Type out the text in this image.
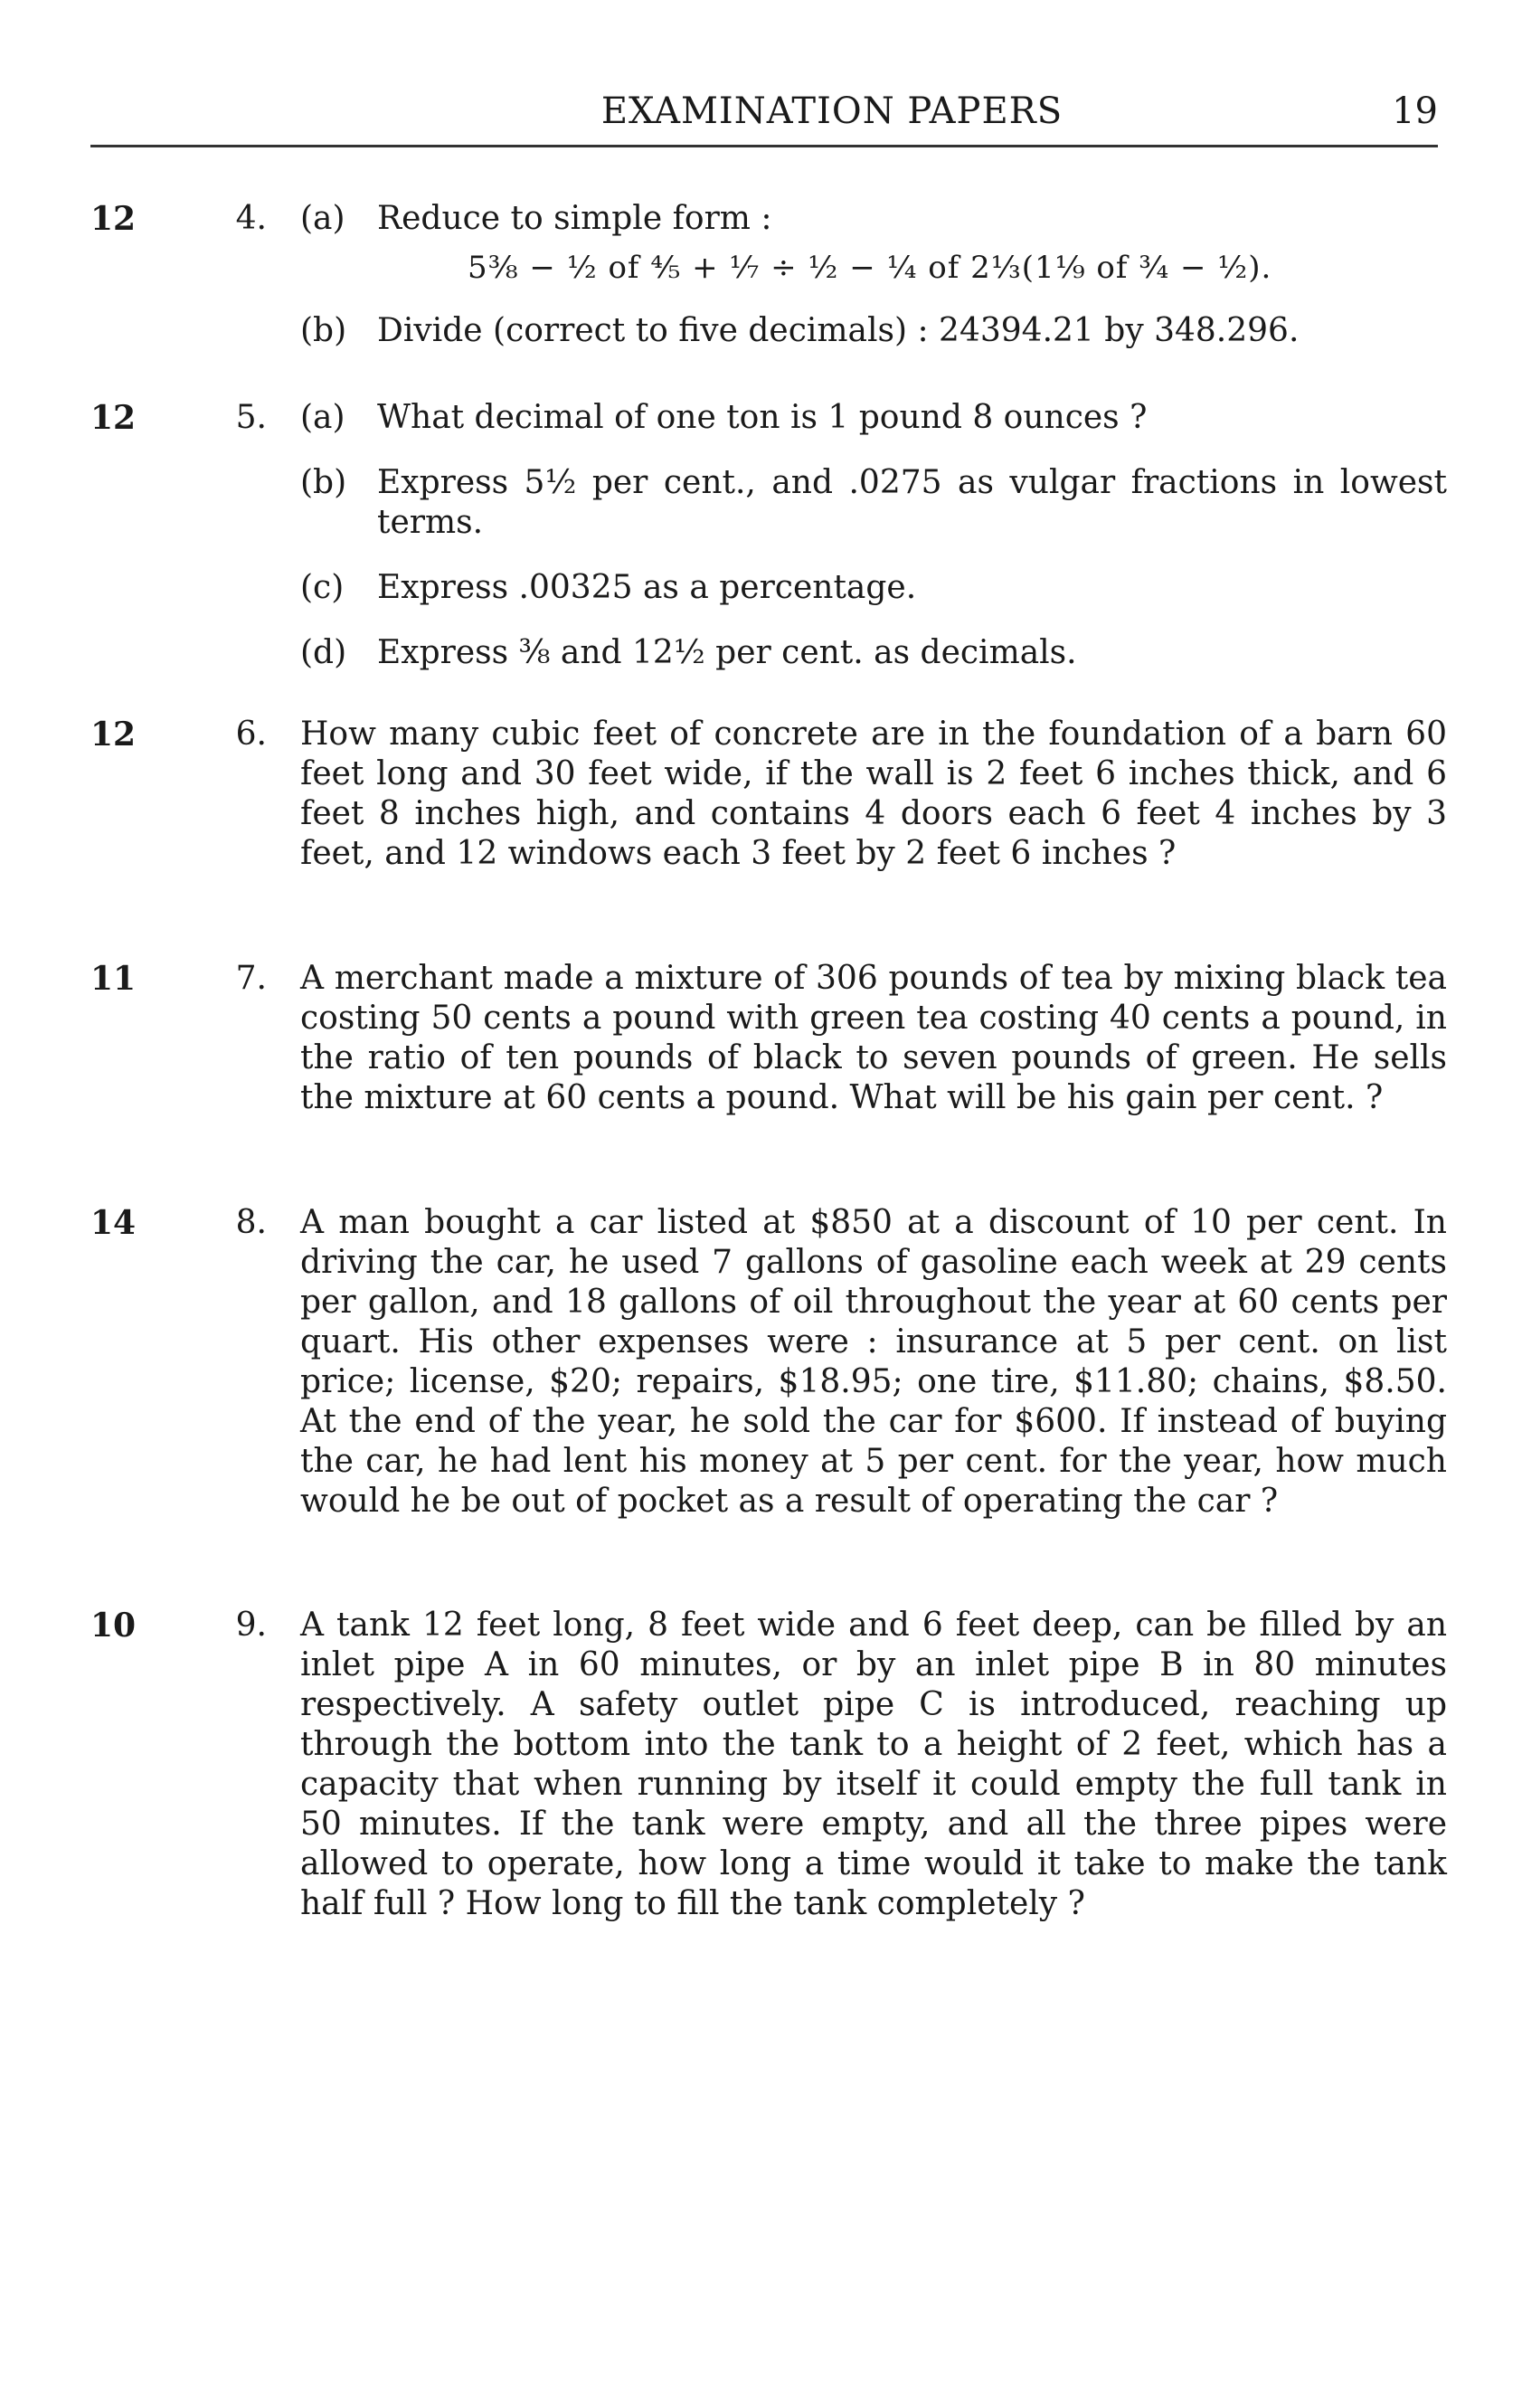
EXAMINATION PAPERS	19
12	4. (a) Reduce to simple form :
5⅜ − ½ of ⅘ + ⅐ ÷ ½ − ¼ of 2⅓(1⅑ of ¾ − ½).
(b) Divide (correct to five decimals) : 24394.21 by 348.296.
12	5. (a) What decimal of one ton is 1 pound 8 ounces ?
(b) Express 5½ per cent., and .0275 as vulgar fractions in lowest terms.
(c) Express .00325 as a percentage.
(d) Express ⅜ and 12½ per cent. as decimals.
12	6. How many cubic feet of concrete are in the foundation of a barn 60 feet long and 30 feet wide, if the wall is 2 feet 6 inches thick, and 6 feet 8 inches high, and contains 4 doors each 6 feet 4 inches by 3 feet, and 12 windows each 3 feet by 2 feet 6 inches ?
11	7. A merchant made a mixture of 306 pounds of tea by mixing black tea costing 50 cents a pound with green tea costing 40 cents a pound, in the ratio of ten pounds of black to seven pounds of green. He sells the mixture at 60 cents a pound. What will be his gain per cent. ?
14	8. A man bought a car listed at $850 at a discount of 10 per cent. In driving the car, he used 7 gallons of gasoline each week at 29 cents per gallon, and 18 gallons of oil throughout the year at 60 cents per quart. His other expenses were : insurance at 5 per cent. on list price; license, $20; repairs, $18.95; one tire, $11.80; chains, $8.50. At the end of the year, he sold the car for $600. If instead of buying the car, he had lent his money at 5 per cent. for the year, how much would he be out of pocket as a result of operating the car ?
10	9. A tank 12 feet long, 8 feet wide and 6 feet deep, can be filled by an inlet pipe A in 60 minutes, or by an inlet pipe B in 80 minutes respectively. A safety outlet pipe C is introduced, reaching up through the bottom into the tank to a height of 2 feet, which has a capacity that when running by itself it could empty the full tank in 50 minutes. If the tank were empty, and all the three pipes were allowed to operate, how long a time would it take to make the tank half full ? How long to fill the tank completely ?
